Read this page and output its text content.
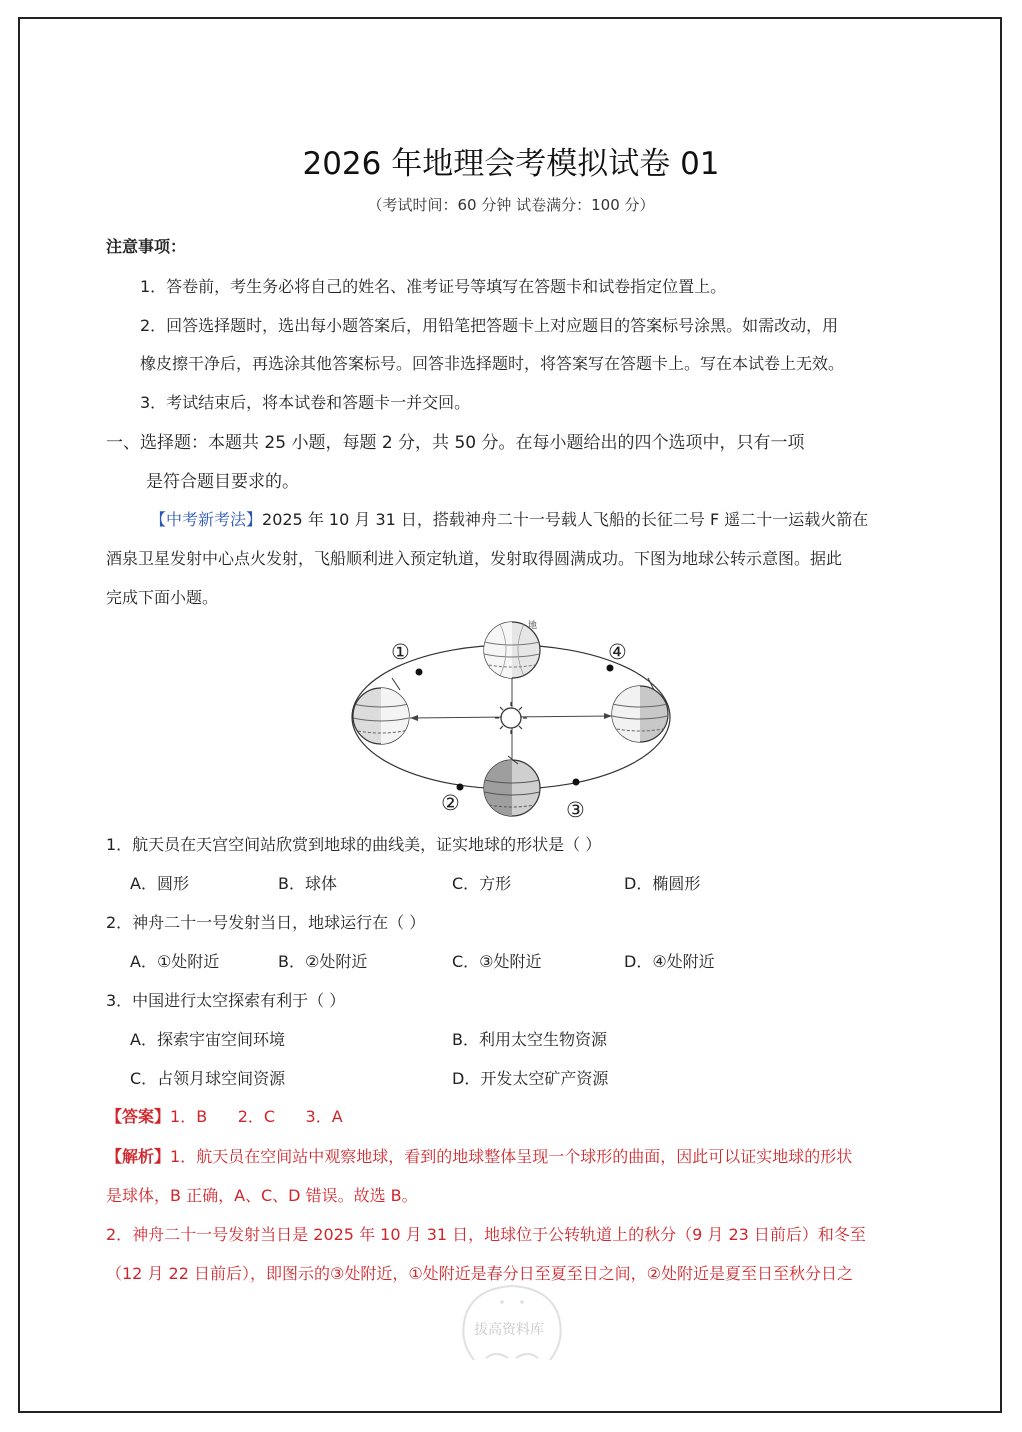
2026 年地理会考模拟试卷 01
（考试时间：60 分钟 试卷满分：100 分）
注意事项：
1．答卷前，考生务必将自己的姓名、准考证号等填写在答题卡和试卷指定位置上。
2．回答选择题时，选出每小题答案后，用铅笔把答题卡上对应题目的答案标号涂黑。如需改动，用
橡皮擦干净后，再选涂其他答案标号。回答非选择题时，将答案写在答题卡上。写在本试卷上无效。
3．考试结束后，将本试卷和答题卡一并交回。
一、选择题：本题共 25 小题，每题 2 分，共 50 分。在每小题给出的四个选项中，只有一项
是符合题目要求的。
【中考新考法】2025 年 10 月 31 日，搭载神舟二十一号载人飞船的长征二号 F 遥二十一运载火箭在
酒泉卫星发射中心点火发射，飞船顺利进入预定轨道，发射取得圆满成功。下图为地球公转示意图。据此
完成下面小题。
地
①
②	③
④
1．航天员在天宫空间站欣赏到地球的曲线美，证实地球的形状是（ ）
A．圆形	B．球体	C．方形	D．椭圆形
2．神舟二十一号发射当日，地球运行在（ ）
A．①处附近	B．②处附近	C．③处附近	D．④处附近
3．中国进行太空探索有利于（ ）
A．探索宇宙空间环境	B．利用太空生物资源
C．占领月球空间资源	D．开发太空矿产资源
【答案】1．B      2．C      3．A
【解析】1．航天员在空间站中观察地球，看到的地球整体呈现一个球形的曲面，因此可以证实地球的形状
是球体，B 正确，A、C、D 错误。故选 B。
2．神舟二十一号发射当日是 2025 年 10 月 31 日，地球位于公转轨道上的秋分（9 月 23 日前后）和冬至
（12 月 22 日前后），即图示的③处附近，①处附近是春分日至夏至日之间，②处附近是夏至日至秋分日之
拔高资料库
